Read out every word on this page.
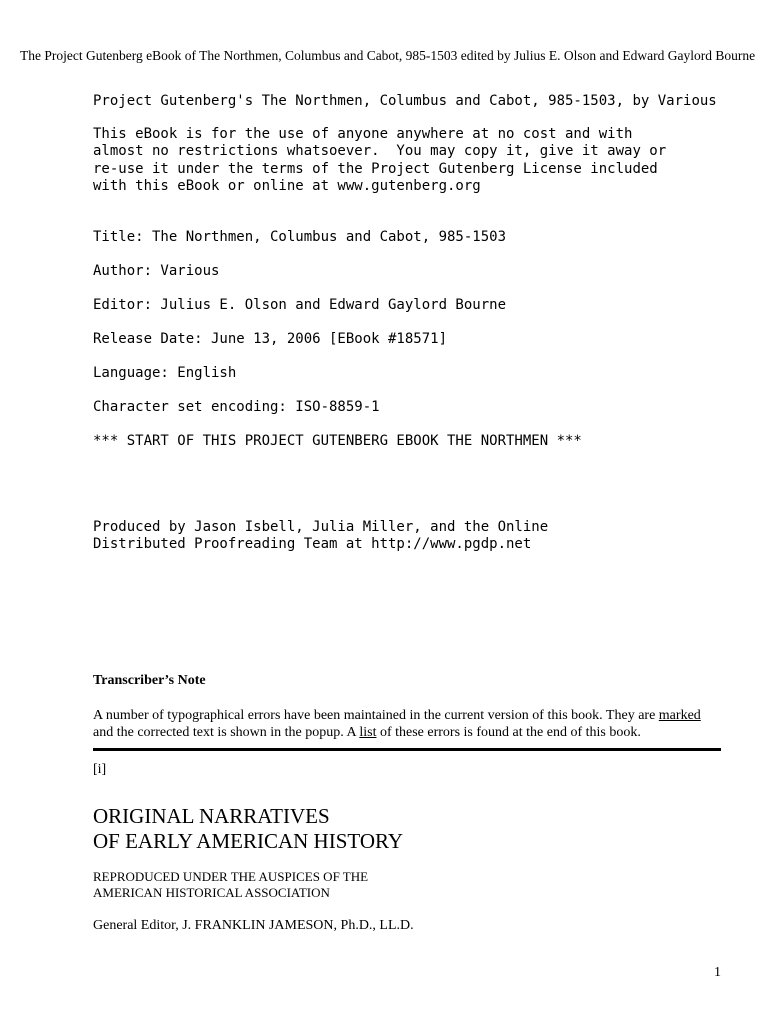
The Project Gutenberg eBook of The Northmen, Columbus and Cabot, 985-1503 edited by Julius E. Olson and Edward Gaylord Bourne
Project Gutenberg's The Northmen, Columbus and Cabot, 985-1503, by Various
This eBook is for the use of anyone anywhere at no cost and with
almost no restrictions whatsoever.  You may copy it, give it away or
re-use it under the terms of the Project Gutenberg License included
with this eBook or online at www.gutenberg.org
Title: The Northmen, Columbus and Cabot, 985-1503
Author: Various
Editor: Julius E. Olson and Edward Gaylord Bourne
Release Date: June 13, 2006 [EBook #18571]
Language: English
Character set encoding: ISO-8859-1
*** START OF THIS PROJECT GUTENBERG EBOOK THE NORTHMEN ***
Produced by Jason Isbell, Julia Miller, and the Online
Distributed Proofreading Team at http://www.pgdp.net
Transcriber’s Note
A number of typographical errors have been maintained in the current version of this book. They are marked and the corrected text is shown in the popup. A list of these errors is found at the end of this book.
[i]
ORIGINAL NARRATIVES
OF EARLY AMERICAN HISTORY
REPRODUCED UNDER THE AUSPICES OF THE
AMERICAN HISTORICAL ASSOCIATION
General Editor, J. FRANKLIN JAMESON, Ph.D., LL.D.
1
